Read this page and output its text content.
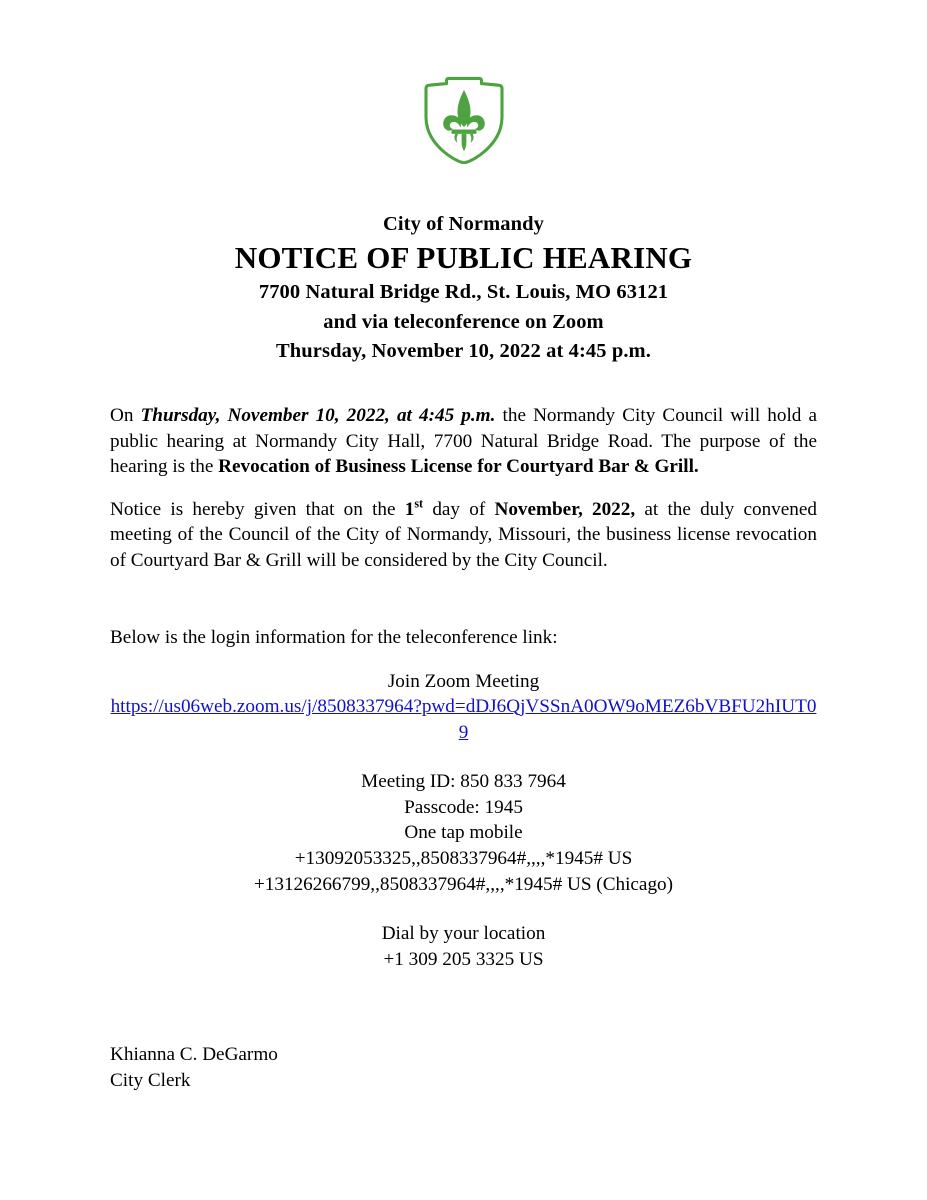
City of Normandy
NOTICE OF PUBLIC HEARING
7700 Natural Bridge Rd., St. Louis, MO 63121
and via teleconference on Zoom
Thursday, November 10, 2022 at 4:45 p.m.

On Thursday, November 10, 2022, at 4:45 p.m. the Normandy City Council will hold a public hearing at Normandy City Hall, 7700 Natural Bridge Road. The purpose of the hearing is the Revocation of Business License for Courtyard Bar & Grill.

Notice is hereby given that on the 1st day of November, 2022, at the duly convened meeting of the Council of the City of Normandy, Missouri, the business license revocation of Courtyard Bar & Grill will be considered by the City Council.

Below is the login information for the teleconference link:
Join Zoom Meeting
https://us06web.zoom.us/j/8508337964?pwd=dDJ6QjVSSnA0OW9oMEZ6bVBFU2hIUT09
Meeting ID: 850 833 7964
Passcode: 1945
One tap mobile
+13092053325,,8508337964#,,,,*1945# US
+13126266799,,8508337964#,,,,*1945# US (Chicago)
Dial by your location
+1 309 205 3325 US
Khianna C. DeGarmo
City Clerk
